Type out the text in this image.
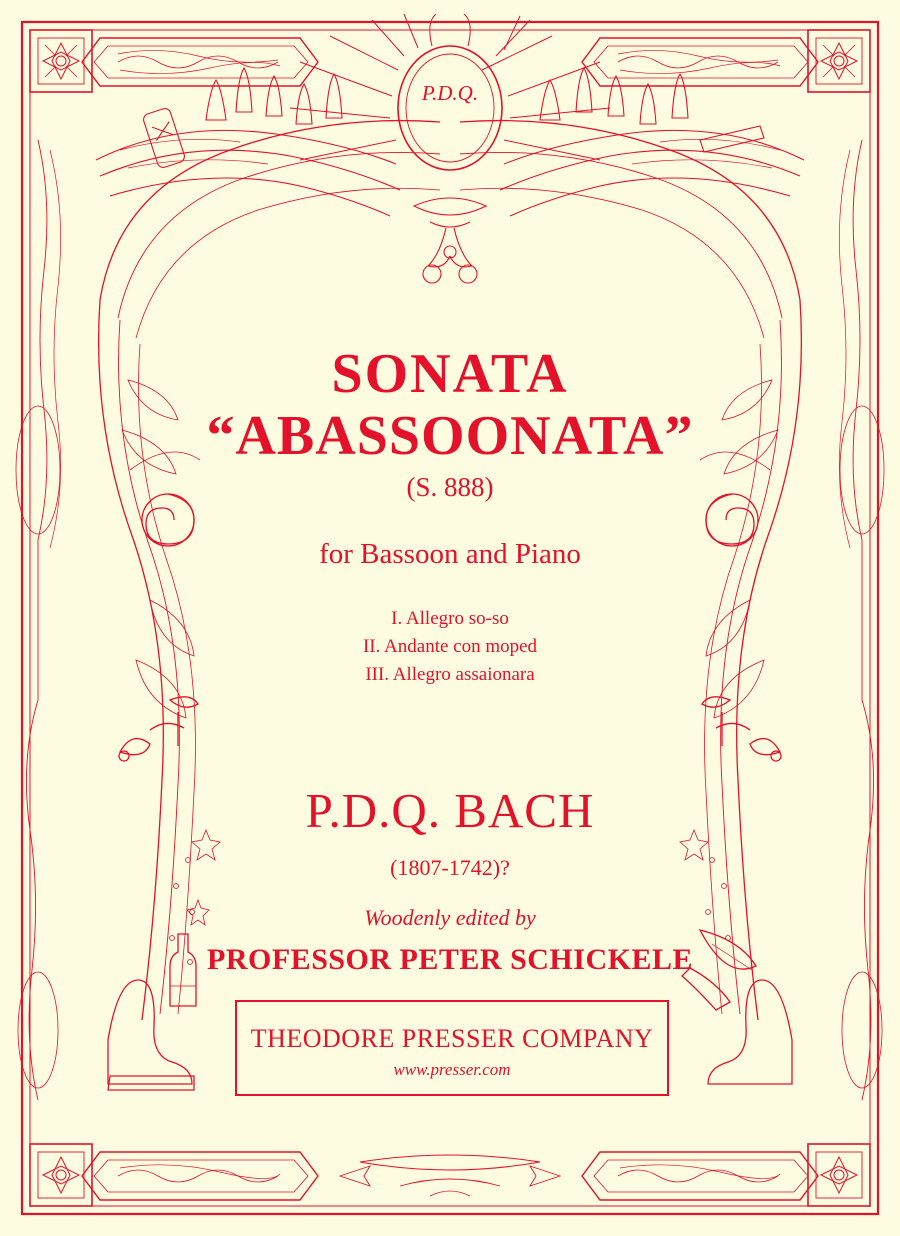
P.D.Q.
SONATA
“ABASSOONATA”
(S. 888)
for Bassoon and Piano
I. Allegro so-so
II. Andante con moped
III. Allegro assaionara
P.D.Q. BACH
(1807-1742)?
Woodenly edited by
PROFESSOR PETER SCHICKELE
THEODORE PRESSER COMPANY
www.presser.com
